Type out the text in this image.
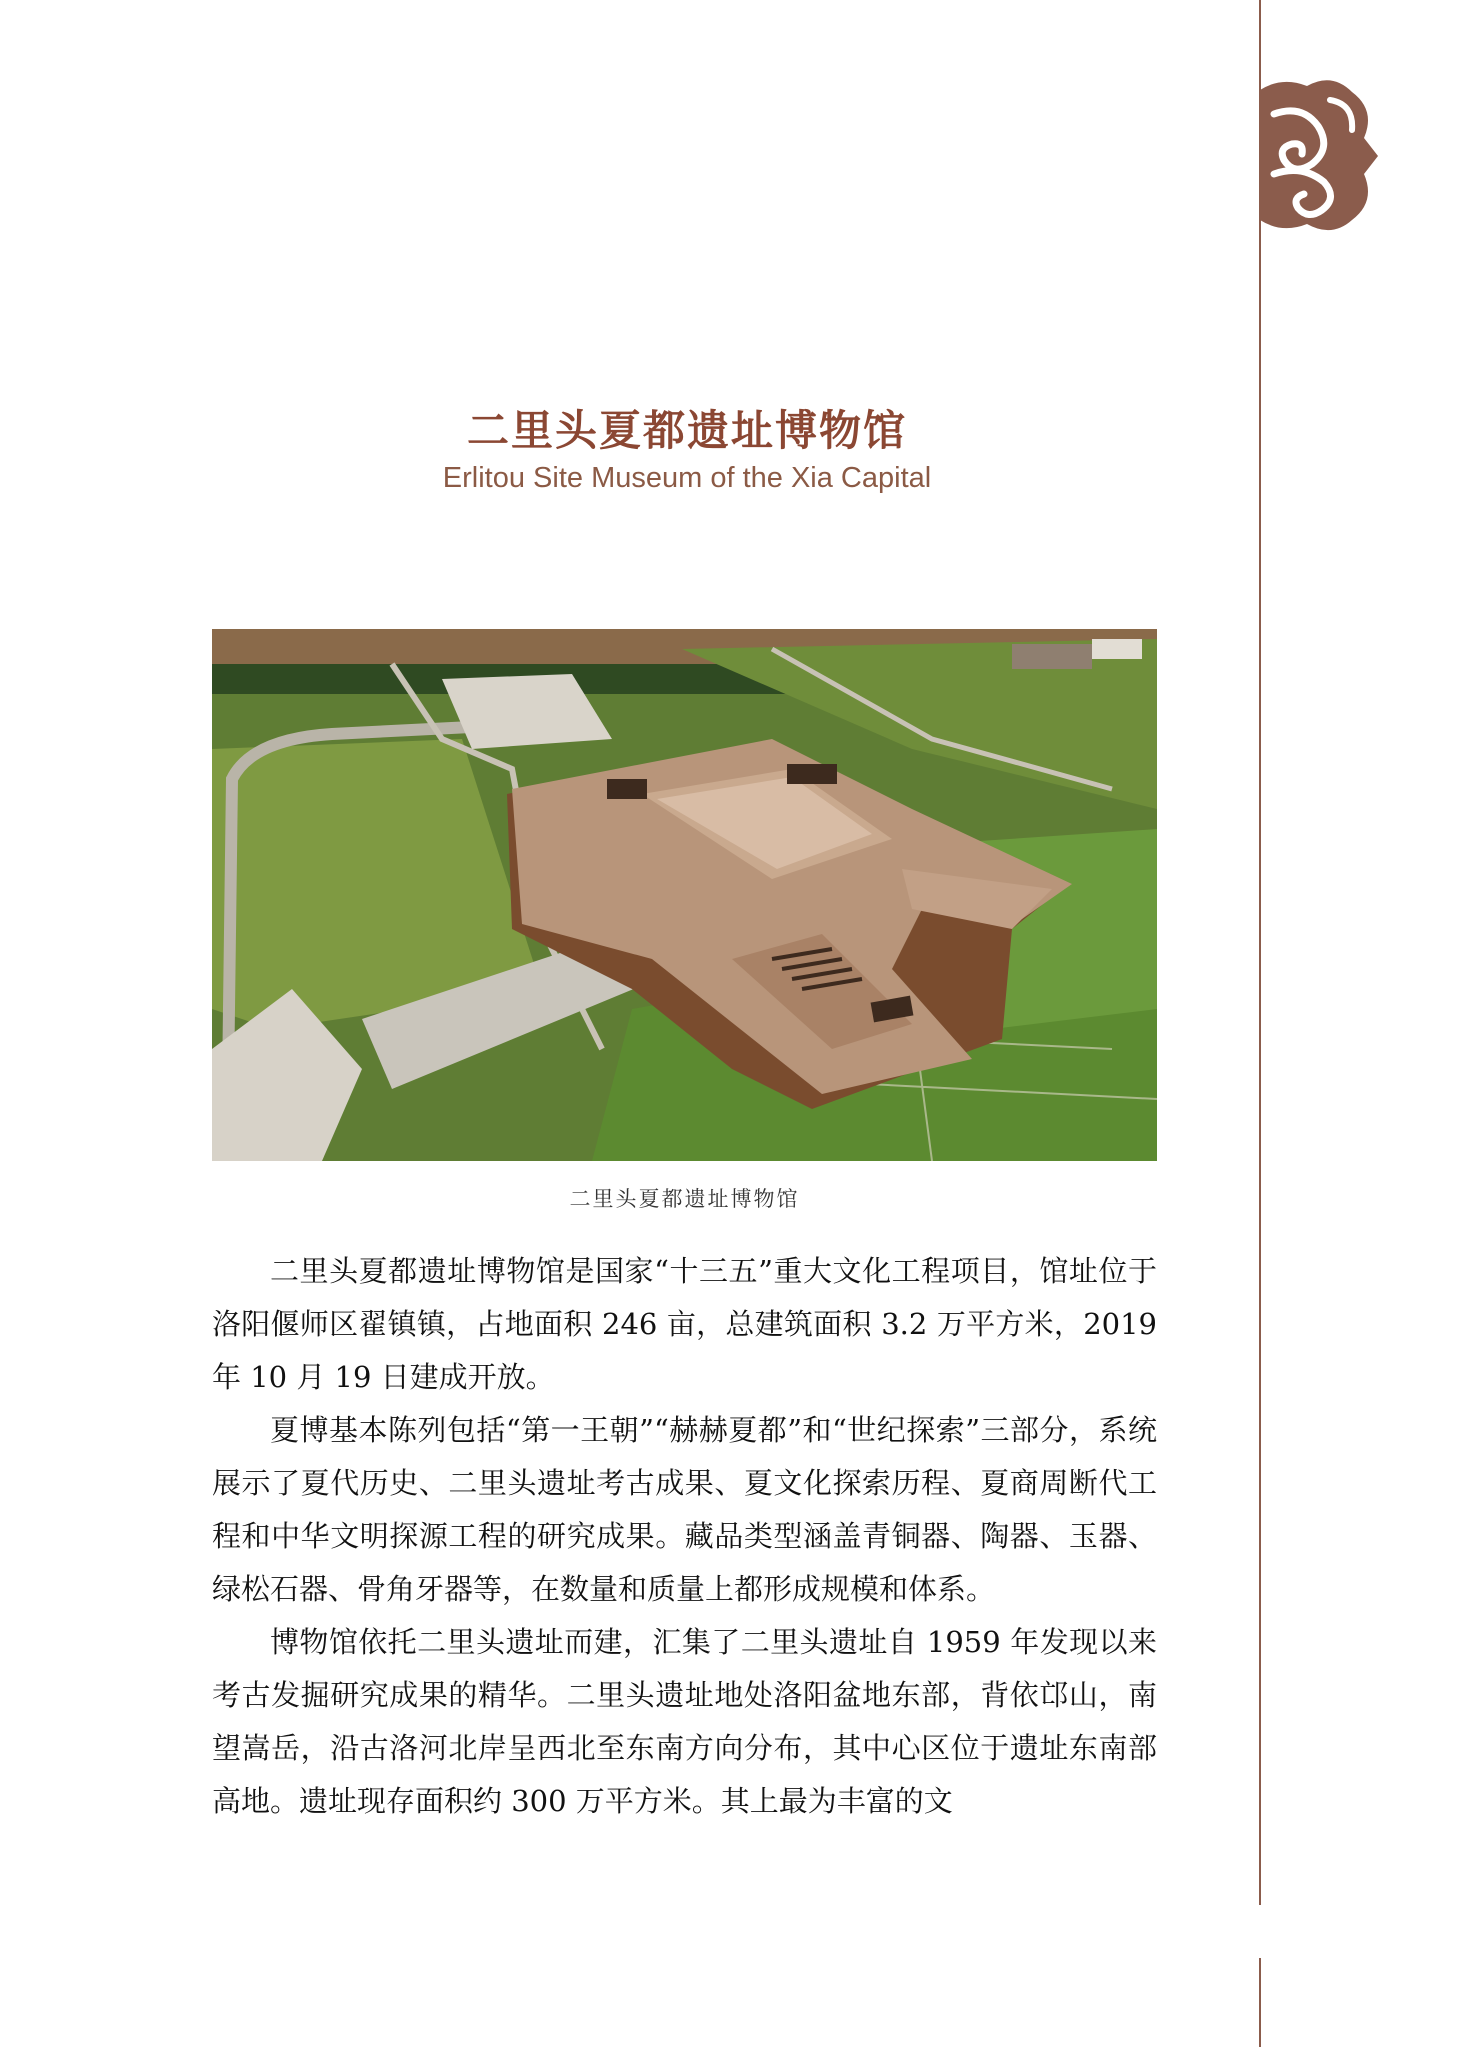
二里头夏都遗址博物馆
Erlitou Site Museum of the Xia Capital
二里头夏都遗址博物馆

二里头夏都遗址博物馆是国家“十三五”重大文化工程项目，馆址位于洛阳偃师区翟镇镇，占地面积 246 亩，总建筑面积 3.2 万平方米，2019 年 10 月 19 日建成开放。

夏博基本陈列包括“第一王朝”“赫赫夏都”和“世纪探索”三部分，系统展示了夏代历史、二里头遗址考古成果、夏文化探索历程、夏商周断代工程和中华文明探源工程的研究成果。藏品类型涵盖青铜器、陶器、玉器、绿松石器、骨角牙器等，在数量和质量上都形成规模和体系。

博物馆依托二里头遗址而建，汇集了二里头遗址自 1959 年发现以来考古发掘研究成果的精华。二里头遗址地处洛阳盆地东部，背依邙山，南望嵩岳，沿古洛河北岸呈西北至东南方向分布，其中心区位于遗址东南部高地。遗址现存面积约 300 万平方米。其上最为丰富的文
